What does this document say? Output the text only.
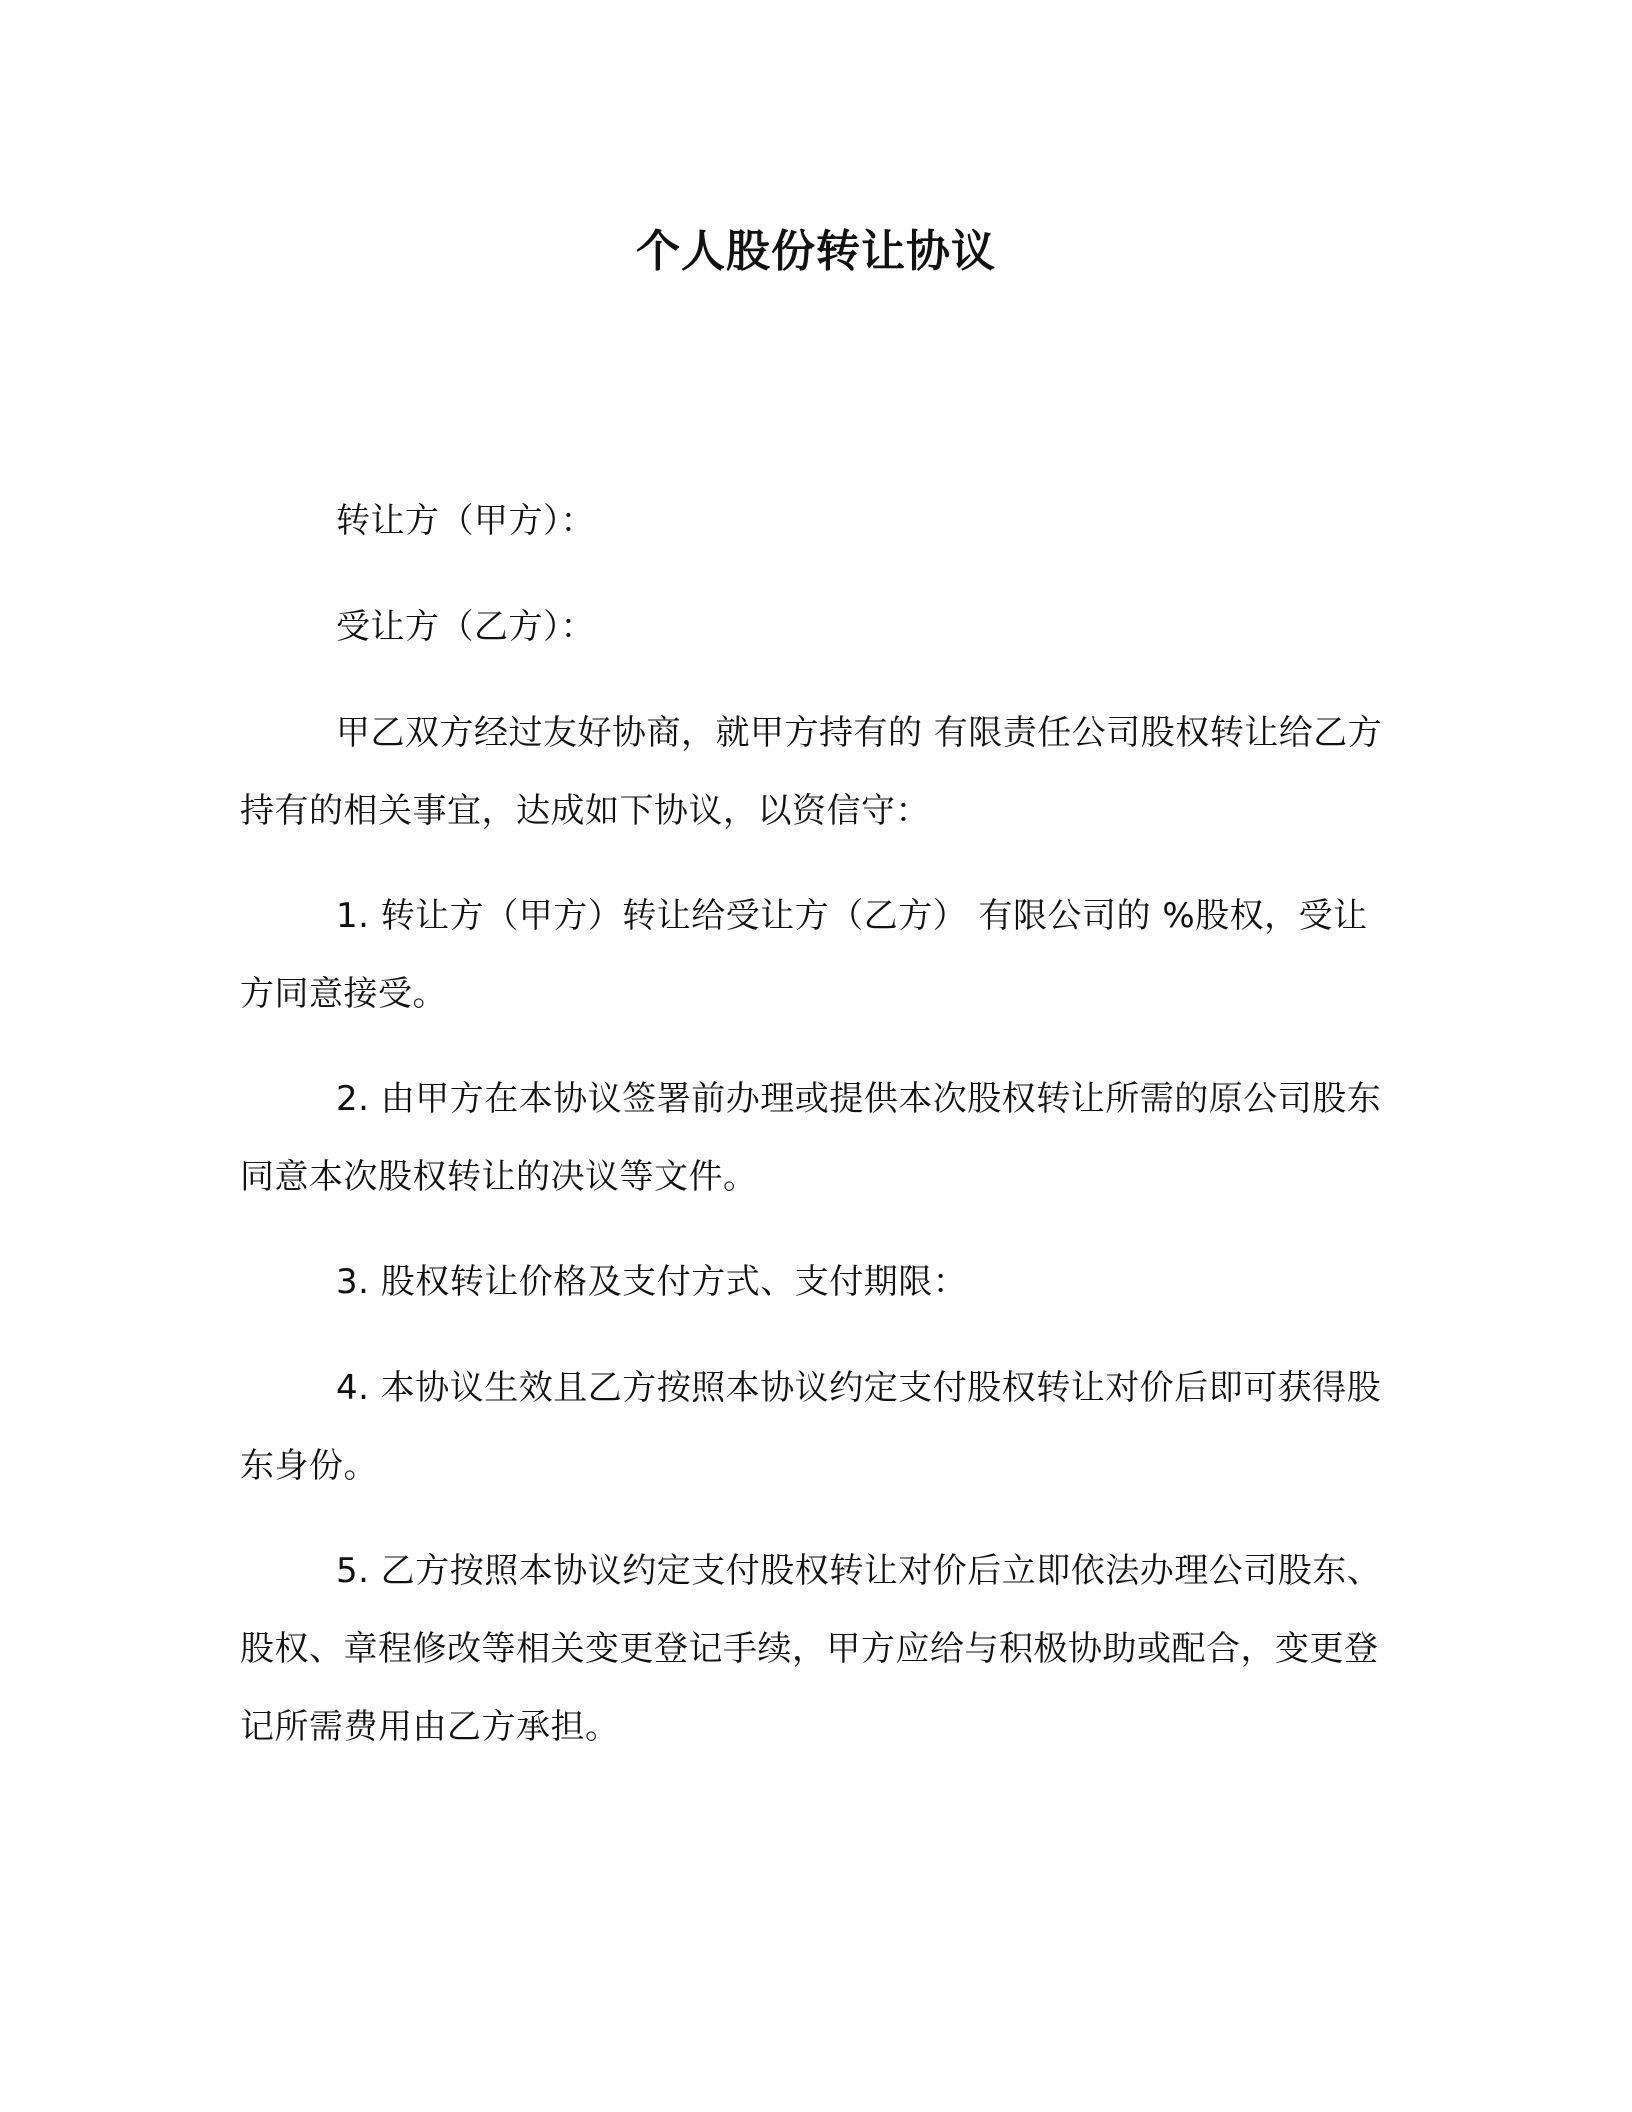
个人股份转让协议

转让方（甲方）：

受让方（乙方）：

甲乙双方经过友好协商，就甲方持有的 有限责任公司股权转让给乙方持有的相关事宜，达成如下协议，以资信守：

1. 转让方（甲方）转让给受让方（乙方） 有限公司的 %股权，受让方同意接受。

2. 由甲方在本协议签署前办理或提供本次股权转让所需的原公司股东同意本次股权转让的决议等文件。

3. 股权转让价格及支付方式、支付期限：

4. 本协议生效且乙方按照本协议约定支付股权转让对价后即可获得股东身份。

5. 乙方按照本协议约定支付股权转让对价后立即依法办理公司股东、股权、章程修改等相关变更登记手续，甲方应给与积极协助或配合，变更登记所需费用由乙方承担。
